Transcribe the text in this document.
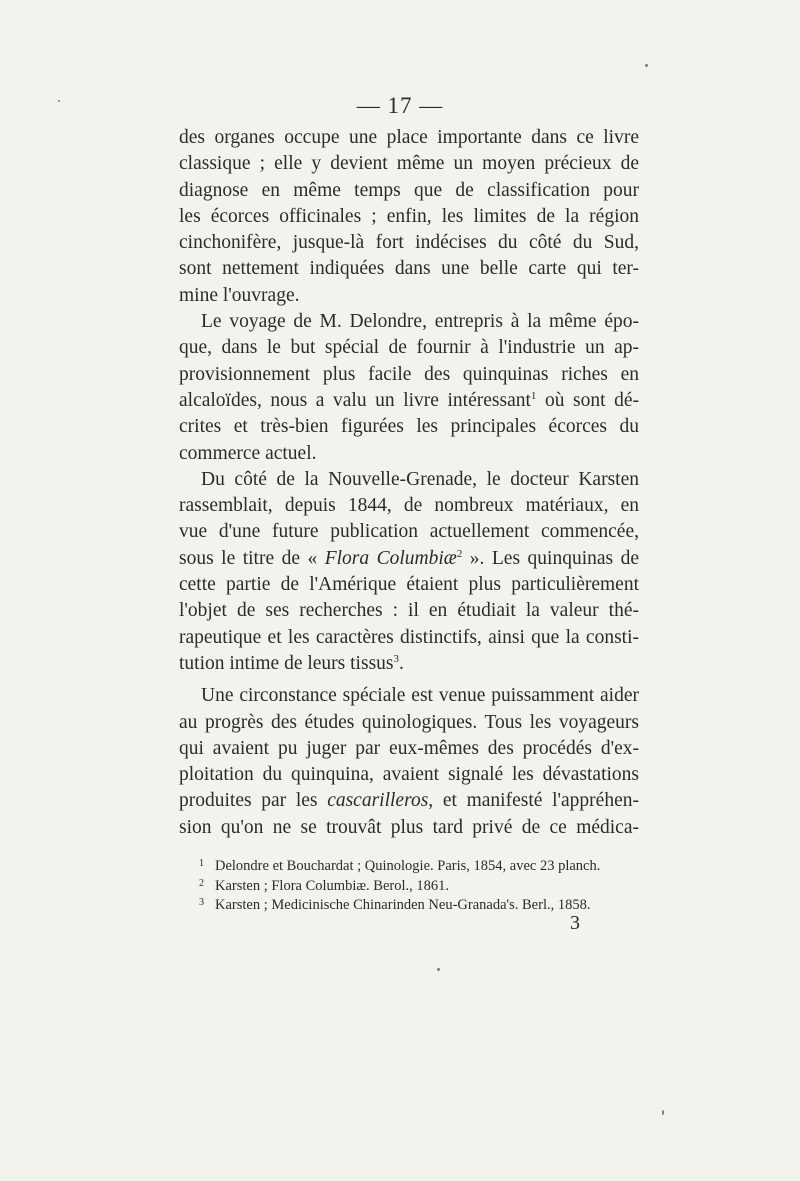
— 17 —
des organes occupe une place importante dans ce livre
classique ; elle y devient même un moyen précieux de
diagnose en même temps que de classification pour
les écorces officinales ; enfin, les limites de la région
cinchonifère, jusque-là fort indécises du côté du Sud,
sont nettement indiquées dans une belle carte qui ter-
mine l'ouvrage.
Le voyage de M. Delondre, entrepris à la même épo-
que, dans le but spécial de fournir à l'industrie un ap-
provisionnement plus facile des quinquinas riches en
alcaloïdes, nous a valu un livre intéressant$^1$ où sont dé-
crites et très-bien figurées les principales écorces du
commerce actuel.
Du côté de la Nouvelle-Grenade, le docteur Karsten
rassemblait, depuis 1844, de nombreux matériaux, en
vue d'une future publication actuellement commencée,
sous le titre de « Flora Columbiæ$^2$ ». Les quinquinas de
cette partie de l'Amérique étaient plus particulièrement
l'objet de ses recherches : il en étudiait la valeur thé-
rapeutique et les caractères distinctifs, ainsi que la consti-
tution intime de leurs tissus$^3$.
Une circonstance spéciale est venue puissamment aider
au progrès des études quinologiques. Tous les voyageurs
qui avaient pu juger par eux-mêmes des procédés d'ex-
ploitation du quinquina, avaient signalé les dévastations
produites par les cascarilleros, et manifesté l'appréhen-
sion qu'on ne se trouvât plus tard privé de ce médica-
1 Delondre et Bouchardat ; Quinologie. Paris, 1854, avec 23 planch.
2 Karsten ; Flora Columbiæ. Berol., 1861.
3 Karsten ; Medicinische Chinarinden Neu-Granada's. Berl., 1858.
3
